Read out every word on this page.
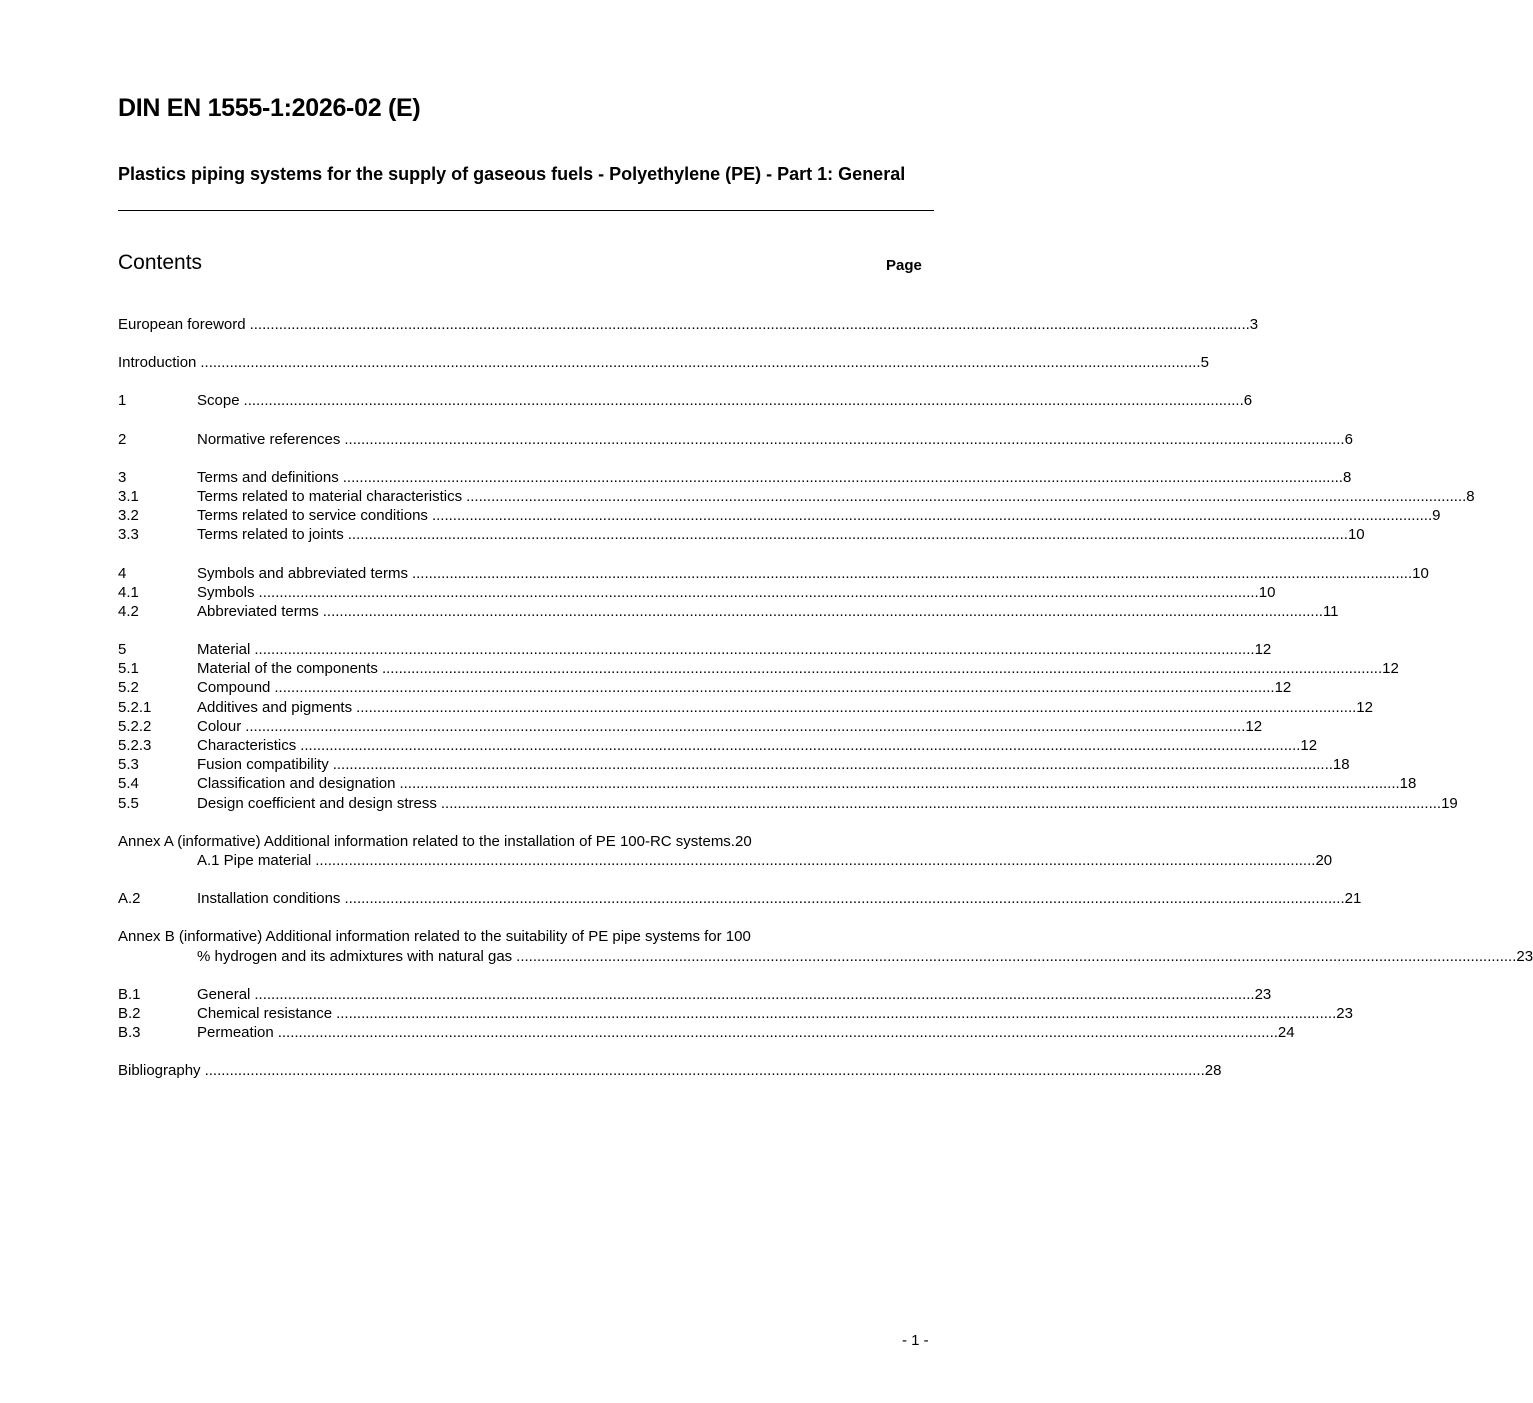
DIN EN 1555-1:2026-02 (E)
Plastics piping systems for the supply of gaseous fuels - Polyethylene (PE) - Part 1: General
Contents	Page
European foreword .....	3
Introduction .....	5
1	Scope .....	6
2	Normative references .....	6
3	Terms and definitions .....	8
3.1	Terms related to material characteristics .....	8
3.2	Terms related to service conditions .....	9
3.3	Terms related to joints .....	10
4	Symbols and abbreviated terms .....	10
4.1	Symbols .....	10
4.2	Abbreviated terms .....	11
5	Material .....	12
5.1	Material of the components .....	12
5.2	Compound .....	12
5.2.1	Additives and pigments .....	12
5.2.2	Colour .....	12
5.2.3	Characteristics .....	12
5.3	Fusion compatibility .....	18
5.4	Classification and designation .....	18
5.5	Design coefficient and design stress .....	19
Annex A (informative) Additional information related to the installation of PE 100-RC systems.20
A.1 Pipe material .....	20
A.2	Installation conditions .....	21
Annex B (informative) Additional information related to the suitability of PE pipe systems for 100
% hydrogen and its admixtures with natural gas .....	23
B.1	General .....	23
B.2	Chemical resistance .....	23
B.3	Permeation .....	24
Bibliography .....	28
- 1 -
